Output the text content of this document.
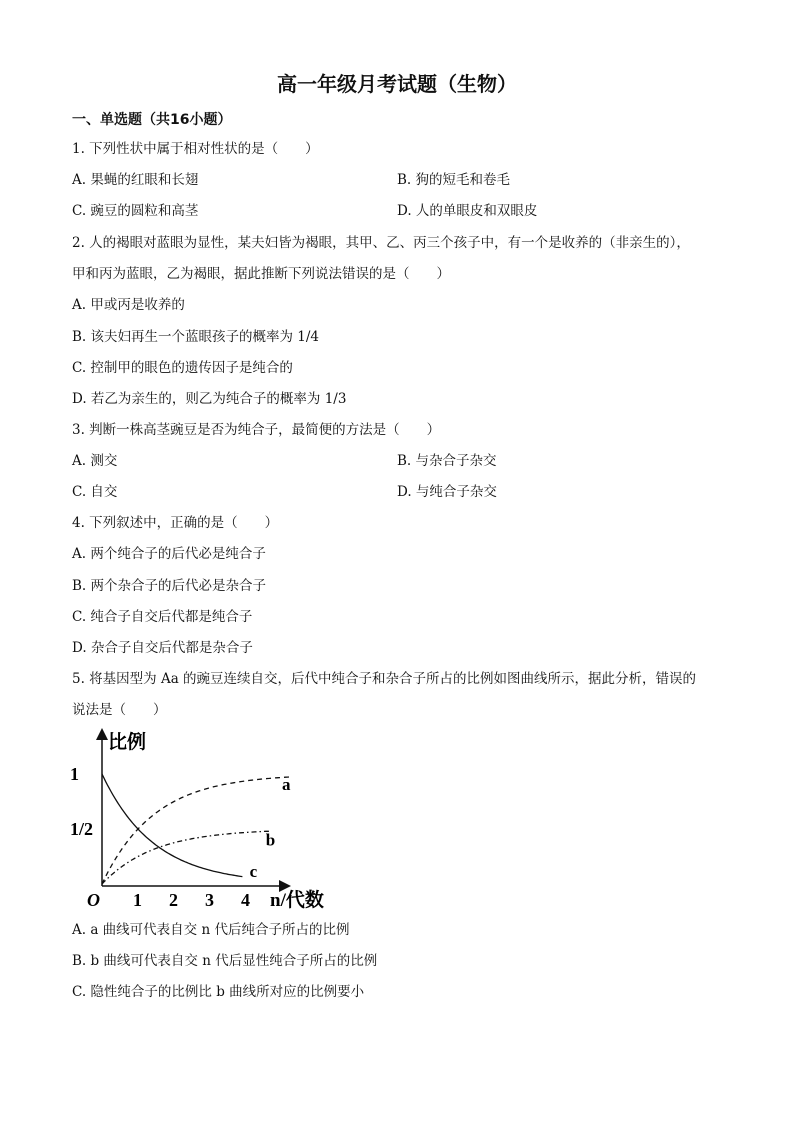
高一年级月考试题（生物）
一、单选题（共16小题）
1. 下列性状中属于相对性状的是（　　）
A. 果蝇的红眼和长翅	B. 狗的短毛和卷毛
C. 豌豆的圆粒和高茎	D. 人的单眼皮和双眼皮
2. 人的褐眼对蓝眼为显性，某夫妇皆为褐眼，其甲、乙、丙三个孩子中，有一个是收养的（非亲生的），
甲和丙为蓝眼，乙为褐眼，据此推断下列说法错误的是（　　）
A. 甲或丙是收养的
B. 该夫妇再生一个蓝眼孩子的概率为 1/4
C. 控制甲的眼色的遗传因子是纯合的
D. 若乙为亲生的，则乙为纯合子的概率为 1/3
3. 判断一株高茎豌豆是否为纯合子，最简便的方法是（　　）
A. 测交	B. 与杂合子杂交
C. 自交	D. 与纯合子杂交
4. 下列叙述中，正确的是（　　）
A. 两个纯合子的后代必是纯合子
B. 两个杂合子的后代必是杂合子
C. 纯合子自交后代都是纯合子
D. 杂合子自交后代都是杂合子
5. 将基因型为 Aa 的豌豆连续自交，后代中纯合子和杂合子所占的比例如图曲线所示，据此分析，错误的
说法是（　　）
比例
n/代数
O
1
1/2
1 2 3 4
a
b
c
A. a 曲线可代表自交 n 代后纯合子所占的比例
B. b 曲线可代表自交 n 代后显性纯合子所占的比例
C. 隐性纯合子的比例比 b 曲线所对应的比例要小
